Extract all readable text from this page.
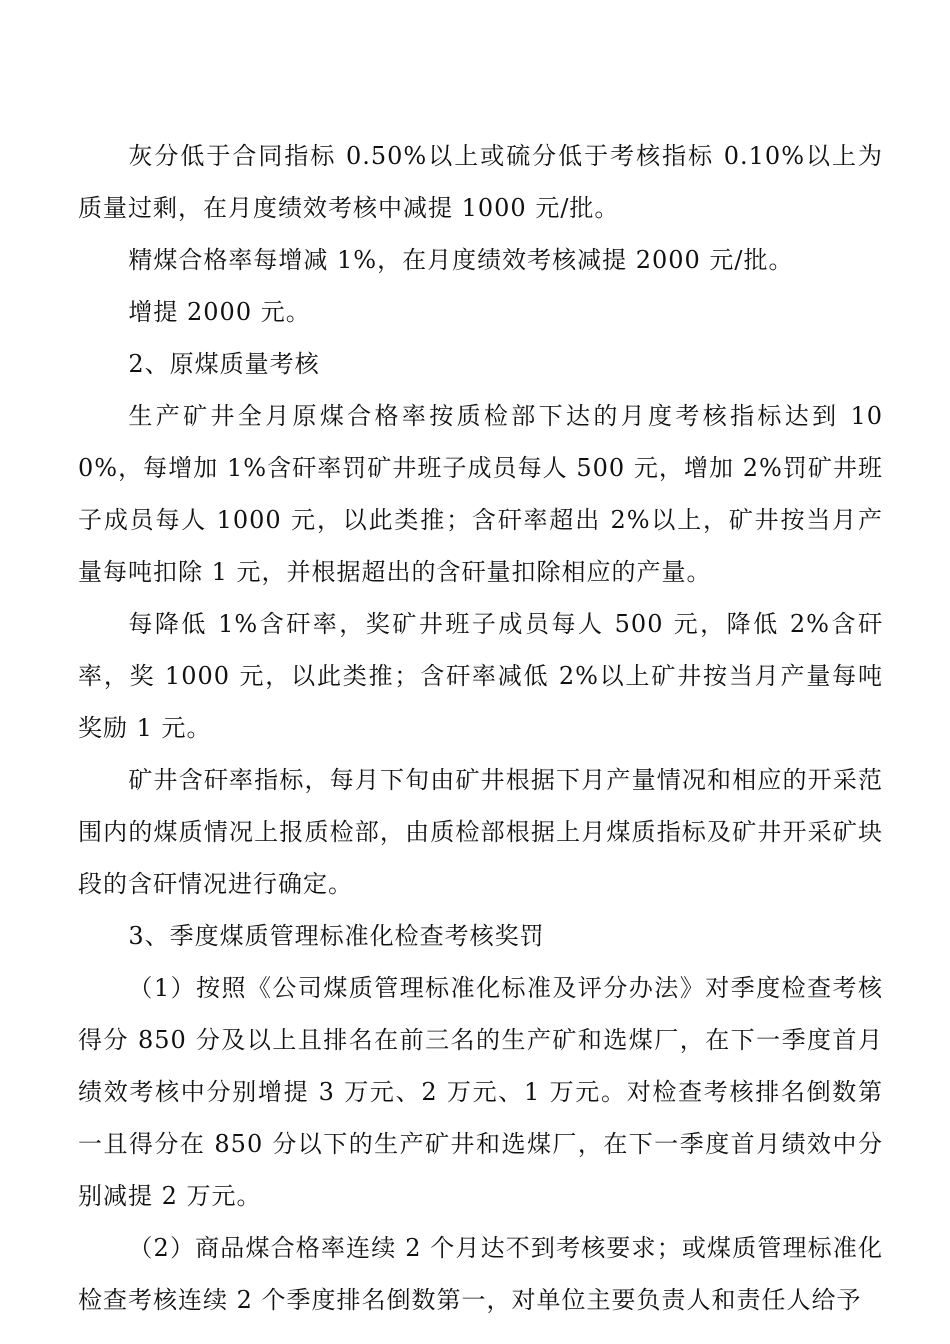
灰分低于合同指标 0.50%以上或硫分低于考核指标 0.10%以上为质量过剩，在月度绩效考核中减提 1000 元/批。

精煤合格率每增减 1%，在月度绩效考核减提 2000 元/批。

增提 2000 元。

2、原煤质量考核

生产矿井全月原煤合格率按质检部下达的月度考核指标达到 100%，每增加 1%含矸率罚矿井班子成员每人 500 元，增加 2%罚矿井班子成员每人 1000 元，以此类推；含矸率超出 2%以上，矿井按当月产量每吨扣除 1 元，并根据超出的含矸量扣除相应的产量。

每降低 1%含矸率，奖矿井班子成员每人 500 元，降低 2%含矸率，奖 1000 元，以此类推；含矸率减低 2%以上矿井按当月产量每吨奖励 1 元。

矿井含矸率指标，每月下旬由矿井根据下月产量情况和相应的开采范围内的煤质情况上报质检部，由质检部根据上月煤质指标及矿井开采矿块段的含矸情况进行确定。

3、季度煤质管理标准化检查考核奖罚

（1）按照《公司煤质管理标准化标准及评分办法》对季度检查考核得分 850 分及以上且排名在前三名的生产矿和选煤厂，在下一季度首月绩效考核中分别增提 3 万元、2 万元、1 万元。对检查考核排名倒数第一且得分在 850 分以下的生产矿井和选煤厂，在下一季度首月绩效中分别减提 2 万元。

（2）商品煤合格率连续 2 个月达不到考核要求；或煤质管理标准化检查考核连续 2 个季度排名倒数第一，对单位主要负责人和责任人给予
